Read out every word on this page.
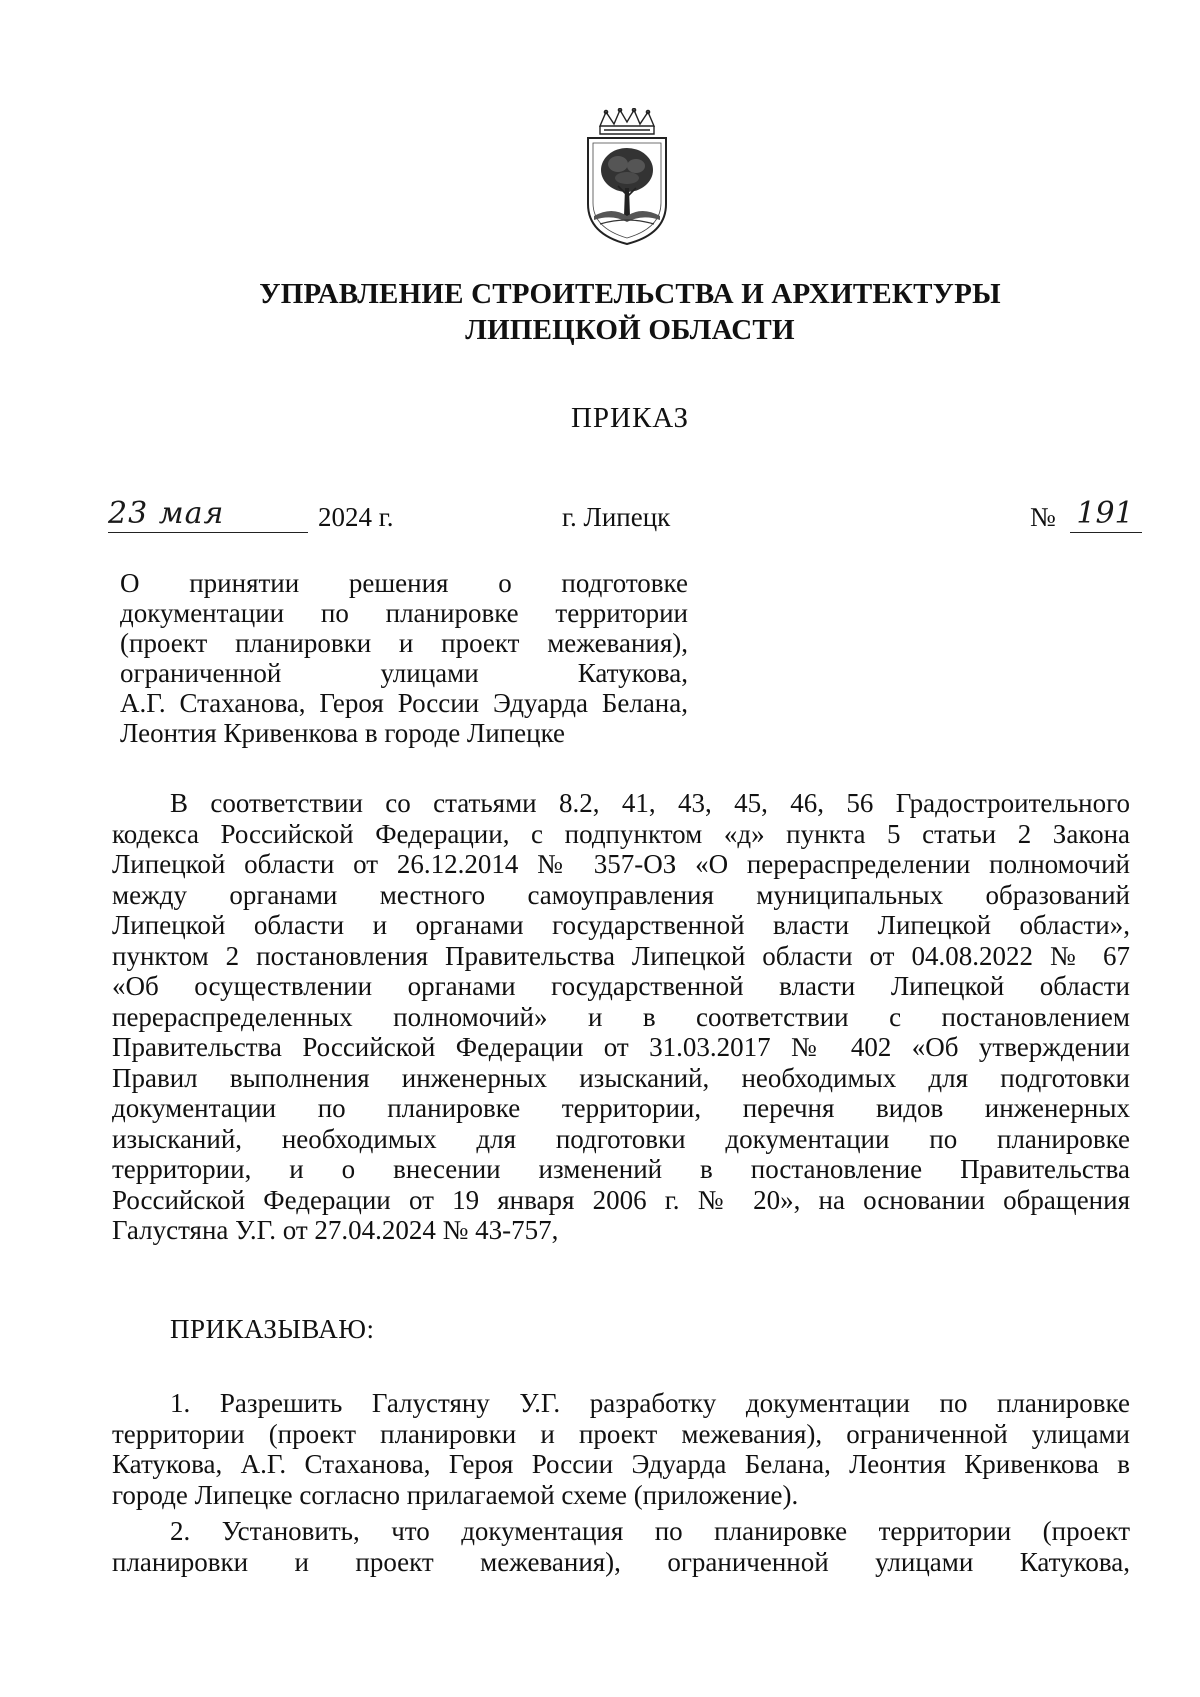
УПРАВЛЕНИЕ СТРОИТЕЛЬСТВА И АРХИТЕКТУРЫ
ЛИПЕЦКОЙ ОБЛАСТИ
ПРИКАЗ
23 мая	2024 г.	г. Липецк	№ 191
О принятии решения о подготовке
документации по планировке территории
(проект планировки и проект межевания),
ограниченной улицами Катукова,
А.Г. Стаханова, Героя России Эдуарда Белана,
Леонтия Кривенкова в городе Липецке
В соответствии со статьями 8.2, 41, 43, 45, 46, 56 Градостроительного
кодекса Российской Федерации, с подпунктом «д» пункта 5 статьи 2 Закона
Липецкой области от 26.12.2014 № 357-ОЗ «О перераспределении полномочий
между органами местного самоуправления муниципальных образований
Липецкой области и органами государственной власти Липецкой области»,
пунктом 2 постановления Правительства Липецкой области от 04.08.2022 № 67
«Об осуществлении органами государственной власти Липецкой области
перераспределенных полномочий» и в соответствии с постановлением
Правительства Российской Федерации от 31.03.2017 № 402 «Об утверждении
Правил выполнения инженерных изысканий, необходимых для подготовки
документации по планировке территории, перечня видов инженерных
изысканий, необходимых для подготовки документации по планировке
территории, и о внесении изменений в постановление Правительства
Российской Федерации от 19 января 2006 г. № 20», на основании обращения
Галустяна У.Г. от 27.04.2024 № 43-757,
ПРИКАЗЫВАЮ:
1. Разрешить Галустяну У.Г. разработку документации по планировке
территории (проект планировки и проект межевания), ограниченной улицами
Катукова, А.Г. Стаханова, Героя России Эдуарда Белана, Леонтия Кривенкова в
городе Липецке согласно прилагаемой схеме (приложение).
2. Установить, что документация по планировке территории (проект
планировки и проект межевания), ограниченной улицами Катукова,
